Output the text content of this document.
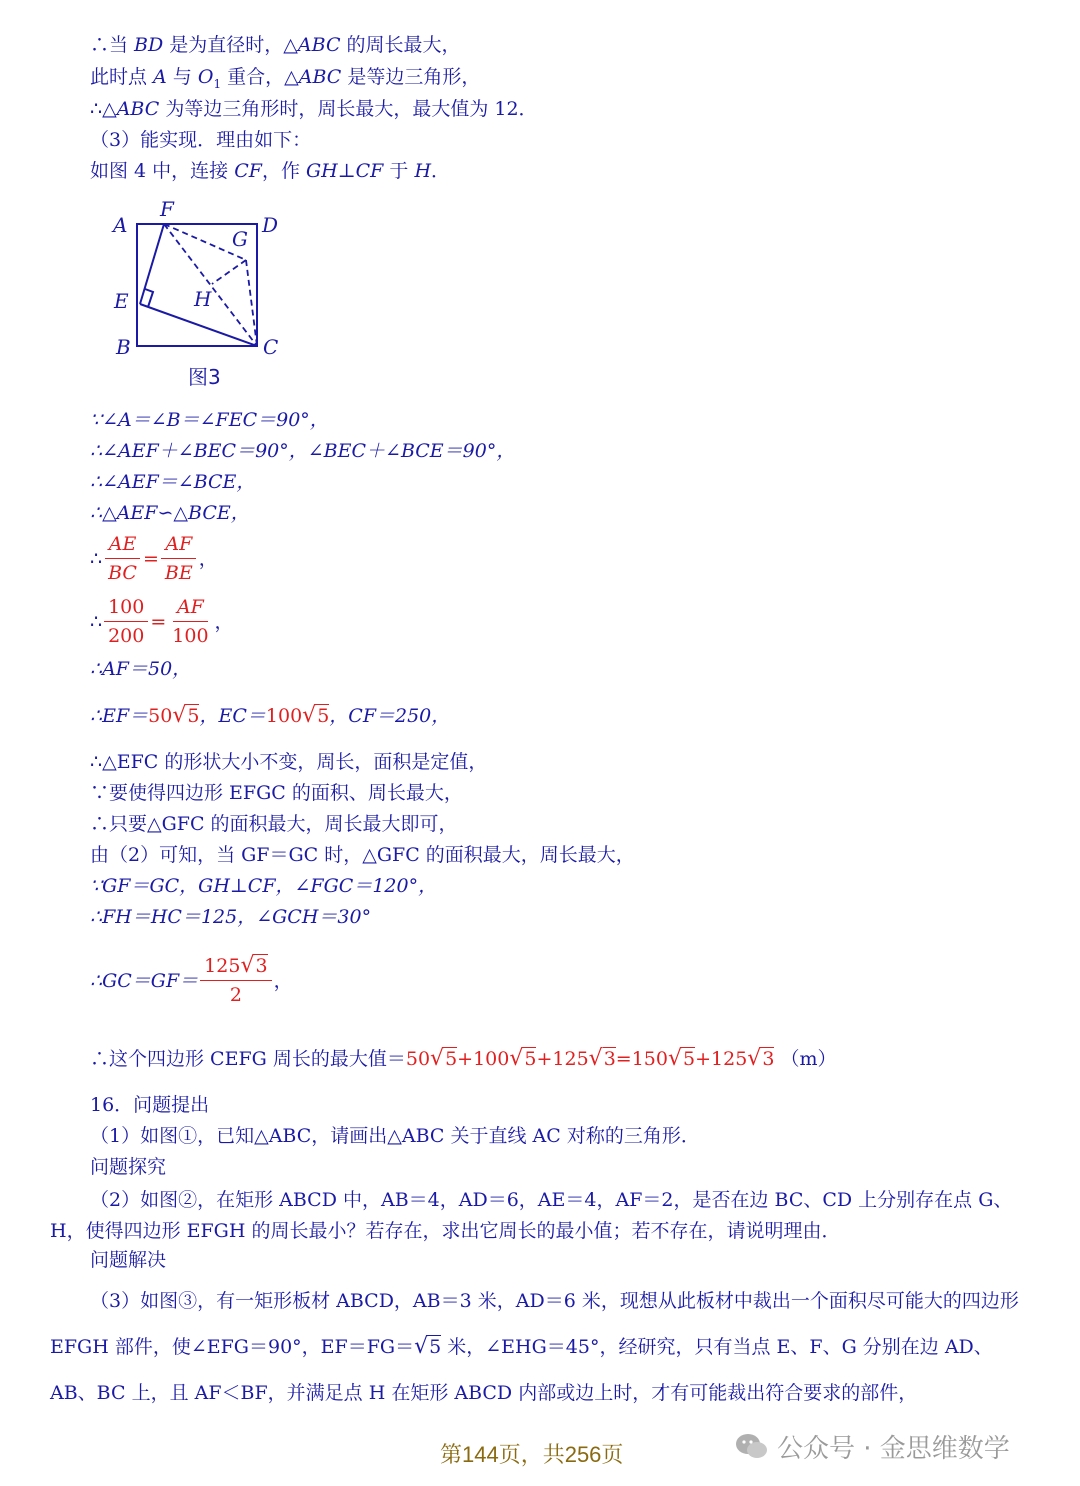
∴当 BD 是为直径时，△ABC 的周长最大，
此时点 A 与 $O_1$ 重合，△ABC 是等边三角形，
∴△ABC 为等边三角形时，周长最大，最大值为 12．
（3）能实现．理由如下：
如图 4 中，连接 CF，作 GH⊥CF 于 H．
A
F
D
G
E	H
B	C
图3
∵∠A＝∠B＝∠FEC＝90°，
∴∠AEF＋∠BEC＝90°，∠BEC＋∠BCE＝90°，
∴∠AEF＝∠BCE，
∴△AEF∽△BCE，
∴ $\frac{AE}{BC} = \frac{AF}{BE}$ ，
∴ $\frac{100}{200} = \frac{AF}{100}$ ，
∴AF＝50，
∴EF＝50√5，EC＝100√5，CF＝250，
∴△EFC 的形状大小不变，周长，面积是定值，
∵要使得四边形 EFGC 的面积、周长最大，
∴只要△GFC 的面积最大，周长最大即可，
由（2）可知，当 GF＝GC 时，△GFC 的面积最大，周长最大，
∵GF＝GC，GH⊥CF，∠FGC＝120°，
∴FH＝HC＝125，∠GCH＝30°
∴GC＝GF＝ $\frac{125√3}{2}$ ，
∴这个四边形 CEFG 周长的最大值＝50√5+100√5+125√3=150√5+125√3 （m）
16．问题提出
（1）如图①，已知△ABC，请画出△ABC 关于直线 AC 对称的三角形．
问题探究
（2）如图②，在矩形 ABCD 中，AB＝4，AD＝6，AE＝4，AF＝2，是否在边 BC、CD 上分别存在点 G、H，使得四边形 EFGH 的周长最小？若存在，求出它周长的最小值；若不存在，请说明理由．
问题解决
（3）如图③，有一矩形板材 ABCD，AB＝3 米，AD＝6 米，现想从此板材中裁出一个面积尽可能大的四边形 EFGH 部件，使∠EFG＝90°，EF＝FG＝√5 米，∠EHG＝45°，经研究，只有当点 E、F、G 分别在边 AD、AB、BC 上，且 AF＜BF，并满足点 H 在矩形 ABCD 内部或边上时，才有可能裁出符合要求的部件，
第144页，共256页	公众号 · 金思维数学
